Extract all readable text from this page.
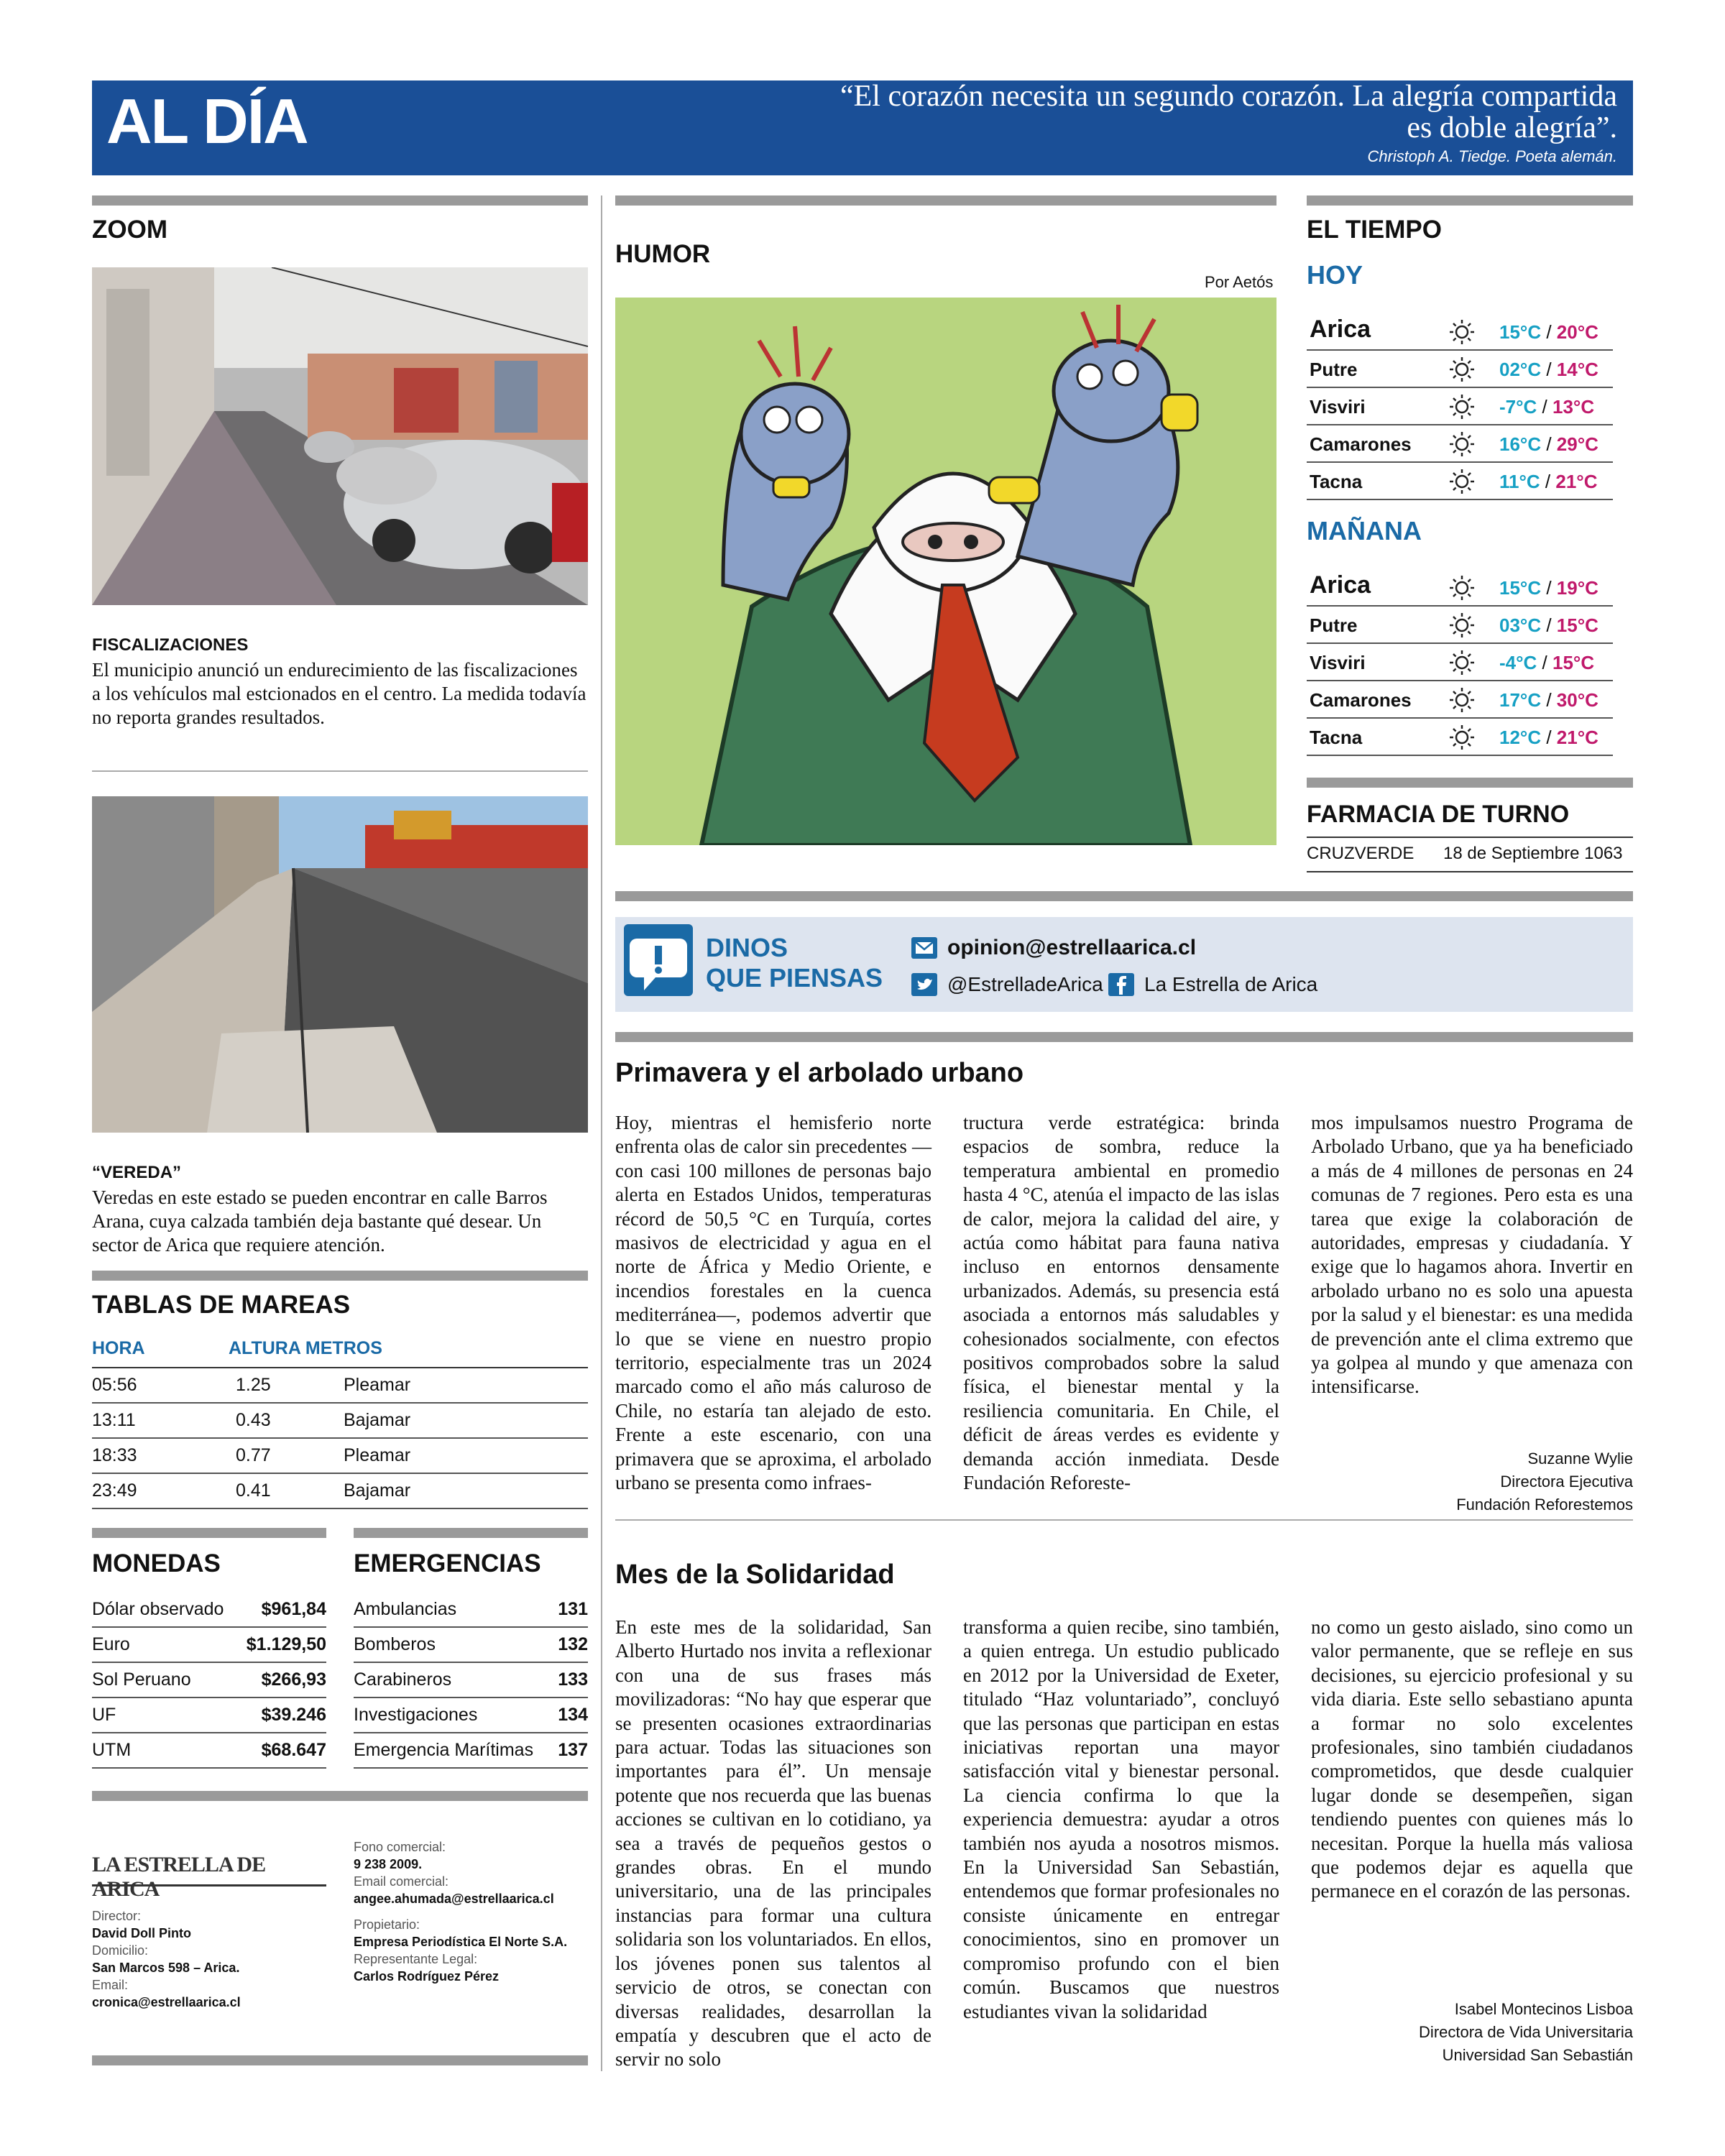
AL DÍA	“El corazón necesita un segundo corazón. La alegría compartida es doble alegría”.
Christoph A. Tiedge. Poeta alemán.
ZOOM
FISCALIZACIONES
El municipio anunció un endurecimiento de las fiscalizaciones a los vehículos mal estcionados en el centro. La medida todavía no reporta grandes resultados.
“VEREDA”
Veredas en este estado se pueden encontrar en calle Barros Arana, cuya calzada también deja bastante qué desear. Un sector de Arica que requiere atención.
TABLAS DE MAREAS
HORA	ALTURA METROS
05:56	1.25	Pleamar
13:11	0.43	Bajamar
18:33	0.77	Pleamar
23:49	0.41	Bajamar
MONEDAS
Dólar observado	$961,84
Euro	$1.129,50
Sol Peruano	$266,93
UF	$39.246
UTM	$68.647
EMERGENCIAS
Ambulancias	131
Bomberos	132
Carabineros	133
Investigaciones	134
Emergencia Marítimas	137
LA ESTRELLA DE ARICA
Director:
David Doll Pinto
Domicilio:
San Marcos 598 – Arica.
Email:
cronica@estrellaarica.cl
Fono comercial:
9 238 2009.
Email comercial:
angee.ahumada@estrellaarica.cl
Propietario:
Empresa Periodística El Norte S.A.
Representante Legal:
Carlos Rodríguez Pérez
HUMOR
Por Aetós
EL TIEMPO
HOY
Arica	15°C / 20°C
Putre	02°C / 14°C
Visviri	-7°C / 13°C
Camarones	16°C / 29°C
Tacna	11°C / 21°C
MAÑANA
Arica	15°C / 19°C
Putre	03°C / 15°C
Visviri	-4°C / 15°C
Camarones	17°C / 30°C
Tacna	12°C / 21°C
FARMACIA DE TURNO
CRUZVERDE 18 de Septiembre 1063
DINOS
QUE PIENSAS
opinion@estrellaarica.cl
@EstrelladeArica La Estrella de Arica
Primavera y el arbolado urbano
Hoy, mientras el hemisferio norte enfrenta olas de calor sin precedentes —con casi 100 millones de personas bajo alerta en Estados Unidos, temperaturas récord de 50,5 °C en Turquía, cortes masivos de electricidad y agua en el norte de África y Medio Oriente, e incendios forestales en la cuenca mediterránea—, podemos advertir que lo que se viene en nuestro propio territorio, especialmente tras un 2024 marcado como el año más caluroso de Chile, no estaría tan alejado de esto. Frente a este escenario, con una primavera que se aproxima, el arbolado urbano se presenta como infraes-
tructura verde estratégica: brinda espacios de sombra, reduce la temperatura ambiental en promedio hasta 4 °C, atenúa el impacto de las islas de calor, mejora la calidad del aire, y actúa como hábitat para fauna nativa incluso en entornos densamente urbanizados. Además, su presencia está asociada a entornos más saludables y cohesionados socialmente, con efectos positivos comprobados sobre la salud física, el bienestar mental y la resiliencia comunitaria. En Chile, el déficit de áreas verdes es evidente y demanda acción inmediata. Desde Fundación Reforeste-
mos impulsamos nuestro Programa de Arbolado Urbano, que ya ha beneficiado a más de 4 millones de personas en 24 comunas de 7 regiones. Pero esta es una tarea que exige la colaboración de autoridades, empresas y ciudadanía. Y exige que lo hagamos ahora. Invertir en arbolado urbano no es solo una apuesta por la salud y el bienestar: es una medida de prevención ante el clima extremo que ya golpea al mundo y que amenaza con intensificarse.
Suzanne Wylie
Directora Ejecutiva
Fundación Reforestemos
Mes de la Solidaridad
En este mes de la solidaridad, San Alberto Hurtado nos invita a reflexionar con una de sus frases más movilizadoras: “No hay que esperar que se presenten ocasiones extraordinarias para actuar. Todas las situaciones son importantes para él”. Un mensaje potente que nos recuerda que las buenas acciones se cultivan en lo cotidiano, ya sea a través de pequeños gestos o grandes obras. En el mundo universitario, una de las principales instancias para formar una cultura solidaria son los voluntariados. En ellos, los jóvenes ponen sus talentos al servicio de otros, se conectan con diversas realidades, desarrollan la empatía y descubren que el acto de servir no solo
transforma a quien recibe, sino también, a quien entrega. Un estudio publicado en 2012 por la Universidad de Exeter, titulado “Haz voluntariado”, concluyó que las personas que participan en estas iniciativas reportan una mayor satisfacción vital y bienestar personal. La ciencia confirma lo que la experiencia demuestra: ayudar a otros también nos ayuda a nosotros mismos. En la Universidad San Sebastián, entendemos que formar profesionales no consiste únicamente en entregar conocimientos, sino en promover un compromiso profundo con el bien común. Buscamos que nuestros estudiantes vivan la solidaridad
no como un gesto aislado, sino como un valor permanente, que se refleje en sus decisiones, su ejercicio profesional y su vida diaria. Este sello sebastiano apunta a formar no solo excelentes profesionales, sino también ciudadanos comprometidos, que desde cualquier lugar donde se desempeñen, sigan tendiendo puentes con quienes más lo necesitan. Porque la huella más valiosa que podemos dejar es aquella que permanece en el corazón de las personas.
Isabel Montecinos Lisboa
Directora de Vida Universitaria
Universidad San Sebastián
